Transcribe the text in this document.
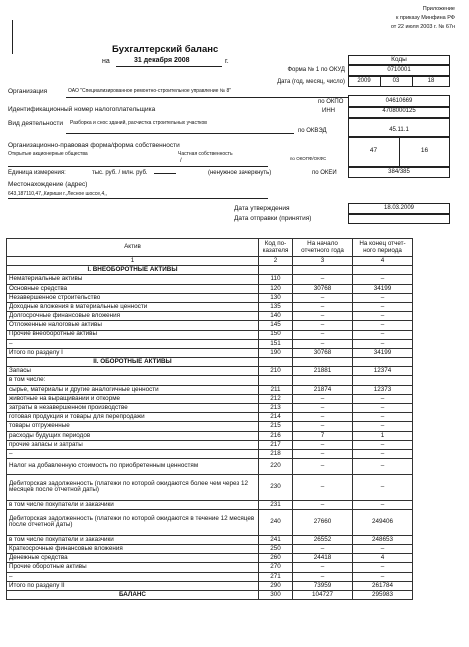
Приложение
к приказу Минфина РФ
от 22 июля 2003 г. № 67н
Бухгалтерский баланс
на	31 декабря 2008	г.	Коды
Форма № 1 по ОКУД	0710001
Дата (год, месяц, число)	2009	03	18
Организация	ОАО "Специализированное ремонтно-строительное управление № 8"
по ОКПО	04610669
Идентификационный номер налогоплательщика	ИНН	4708000125
Вид деятельности Разборка и снос зданий, расчистка строительных участков
по ОКВЭД	45.11.1
Организационно-правовая форма/форма собственности
Открытые акционерные общества	Частная собственность
/	по ОКОПФ/ОКФС
47	16
Единица измерения:	тыс. руб. / млн. руб.	(ненужное зачеркнуть)	по ОКЕИ	384/385
Местонахождение (адрес)
643,187110,47,,Кириши г.,Лесное шоссе,4,,
Дата утверждения	18.03.2009
Дата отправки (принятия)
Актив	Код по- казателя	На начало отчетного года	На конец отчет- ного периода
1	2	3	4
I. ВНЕОБОРОТНЫЕ АКТИВЫ			
Нематериальные активы	110	–	–
Основные средства	120	30768	34199
Незавершенное строительство	130	–	–
Доходные вложения в материальные ценности	135	–	–
Долгосрочные финансовые вложения	140	–	–
Отложенные налоговые активы	145	–	–
Прочие внеоборотные активы	150	–	–
–	151	–	–
Итого по разделу I	190	30768	34199
II. ОБОРОТНЫЕ АКТИВЫ			
Запасы	210	21881	12374
в том числе:			
сырье, материалы и другие аналогичные ценности	211	21874	12373
животные на выращивании и откорме	212	–	–
затраты в незавершенном производстве	213	–	–
готовая продукция и товары для перепродажи	214	–	–
товары отгруженные	215	–	–
расходы будущих периодов	216	7	1
прочие запасы и затраты	217	–	–
–	218	–	–
Налог на добавленную стоимость по приобретенным ценностям	220	–	–
Дебиторская задолженность (платежи по которой ожидаются более чем через 12 месяцев после отчетной даты)	230	–	–
в том числе покупатели и заказчики	231	–	–
Дебиторская задолженность (платежи по которой ожидаются в течение 12 месяцев после отчетной даты)	240	27660	249406
в том числе покупатели и заказчики	241	26552	248653
Краткосрочные финансовые вложения	250	–	–
Денежные средства	260	24418	4
Прочие оборотные активы	270	–	–
–	271	–	–
Итого по разделу II	290	73959	261784
БАЛАНС	300	104727	295983
